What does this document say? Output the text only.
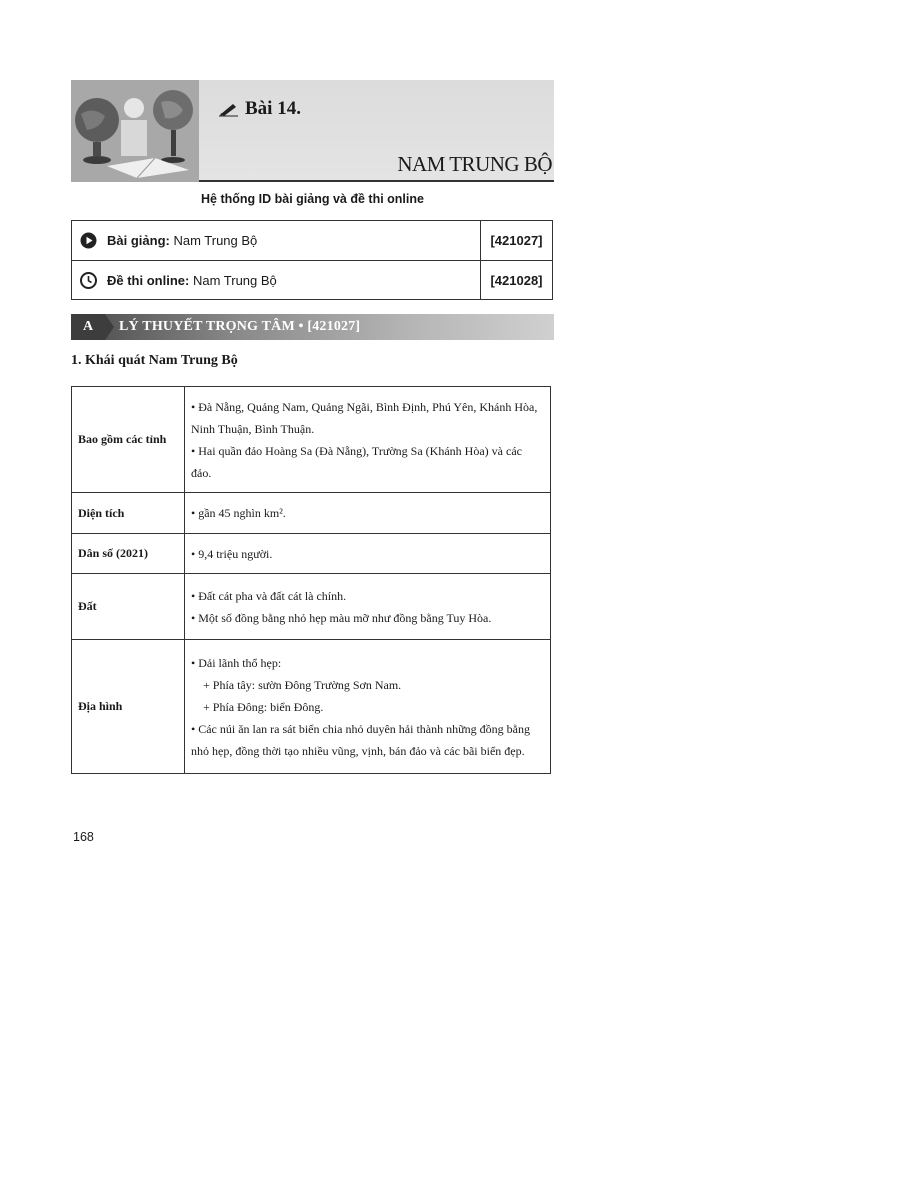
Bài 14.
NAM TRUNG BỘ
Hệ thống ID bài giảng và đề thi online
Bài giảng: Nam Trung Bộ	[421027]
Đề thi online: Nam Trung Bộ	[421028]
A	LÝ THUYẾT TRỌNG TÂM • [421027]
1. Khái quát Nam Trung Bộ
Bao gồm các tỉnh	• Đà Nẵng, Quảng Nam, Quảng Ngãi, Bình Định, Phú Yên, Khánh Hòa, Ninh Thuận, Bình Thuận.
• Hai quần đảo Hoàng Sa (Đà Nẵng), Trường Sa (Khánh Hòa) và các đảo.

Diện tích	• gần 45 nghìn km².

Dân số (2021)	• 9,4 triệu người.

Đất	• Đất cát pha và đất cát là chính.
• Một số đồng bằng nhỏ hẹp màu mỡ như đồng bằng Tuy Hòa.

Địa hình	• Dải lãnh thổ hẹp:
+ Phía tây: sườn Đông Trường Sơn Nam.
+ Phía Đông: biển Đông.
• Các núi ăn lan ra sát biển chia nhỏ duyên hải thành những đồng bằng nhỏ hẹp, đồng thời tạo nhiều vũng, vịnh, bán đảo và các bãi biển đẹp.
168
